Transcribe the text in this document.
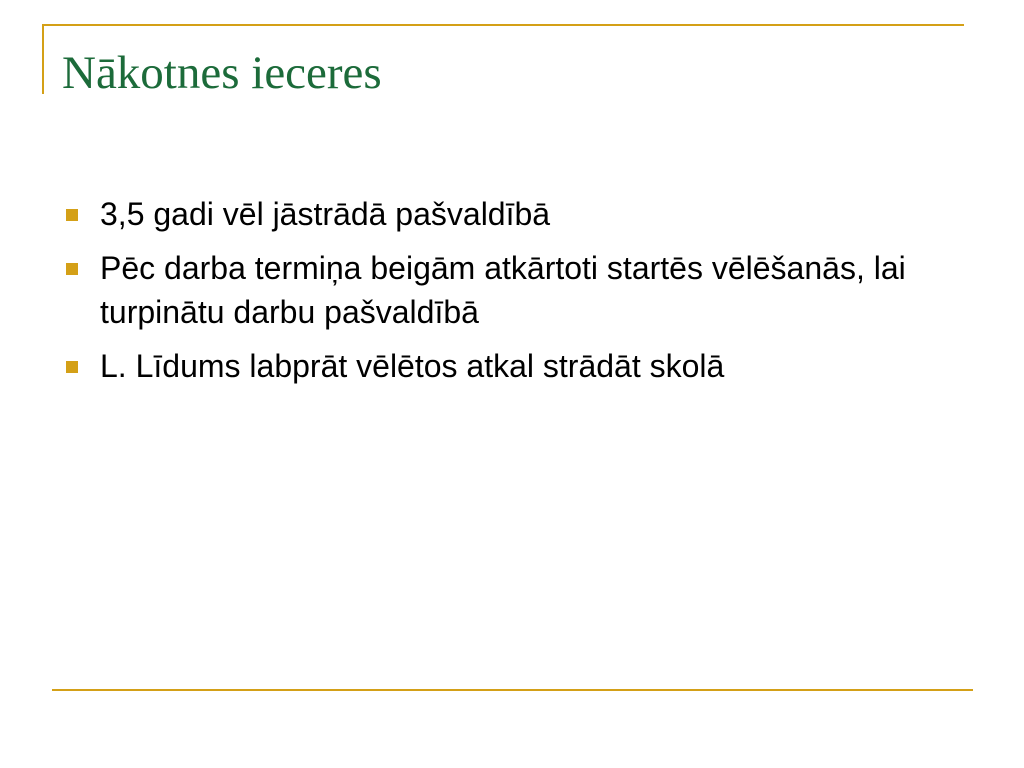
Nākotnes ieceres
3,5 gadi vēl jāstrādā pašvaldībā
Pēc darba termiņa beigām atkārtoti startēs vēlēšanās, lai turpinātu darbu pašvaldībā
L. Līdums labprāt vēlētos atkal strādāt skolā
